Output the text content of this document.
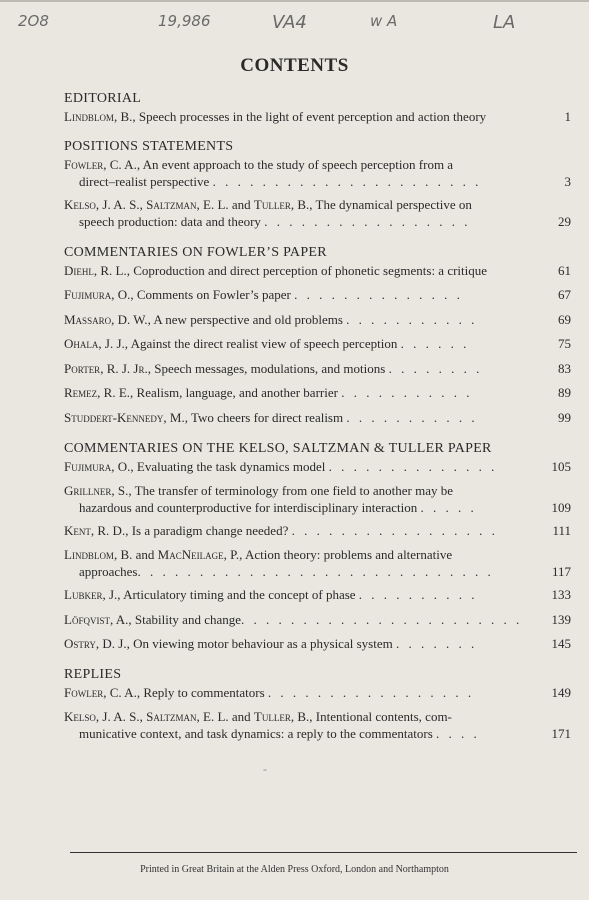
2O8	19,986	VA4	w A	LA
CONTENTS
EDITORIAL
Lindblom, B., Speech processes in the light of event perception and action theory	1
POSITIONS STATEMENTS
Fowler, C. A., An event approach to the study of speech perception from a
direct–realist perspective . . . . . . . . . . . . . . . . . . . . . .	3
Kelso, J. A. S., Saltzman, E. L. and Tuller, B., The dynamical perspective on
speech production: data and theory . . . . . . . . . . . . . . . . .	29
COMMENTARIES ON FOWLER’S PAPER
Diehl, R. L., Coproduction and direct perception of phonetic segments: a critique	61
Fujimura, O., Comments on Fowler’s paper . . . . . . . . . . . . . .	67
Massaro, D. W., A new perspective and old problems . . . . . . . . . . .	69
Ohala, J. J., Against the direct realist view of speech perception . . . . . .	75
Porter, R. J. Jr., Speech messages, modulations, and motions . . . . . . . .	83
Remez, R. E., Realism, language, and another barrier . . . . . . . . . . .	89
Studdert-Kennedy, M., Two cheers for direct realism . . . . . . . . . . .	99
COMMENTARIES ON THE KELSO, SALTZMAN & TULLER PAPER
Fujimura, O., Evaluating the task dynamics model . . . . . . . . . . . . . .	105
Grillner, S., The transfer of terminology from one field to another may be
hazardous and counterproductive for interdisciplinary interaction . . . . .	109
Kent, R. D., Is a paradigm change needed? . . . . . . . . . . . . . . . . .	111
Lindblom, B. and MacNeilage, P., Action theory: problems and alternative
approaches. . . . . . . . . . . . . . . . . . . . . . . . . . . . .	117
Lubker, J., Articulatory timing and the concept of phase . . . . . . . . . .	133
Löfqvist, A., Stability and change. . . . . . . . . . . . . . . . . . . . . . . 139
Ostry, D. J., On viewing motor behaviour as a physical system . . . . . . .	145
REPLIES
Fowler, C. A., Reply to commentators . . . . . . . . . . . . . . . . .	149
Kelso, J. A. S., Saltzman, E. L. and Tuller, B., Intentional contents, com-
municative context, and task dynamics: a reply to the commentators . . . .	171
-
Printed in Great Britain at the Alden Press Oxford, London and Northampton
